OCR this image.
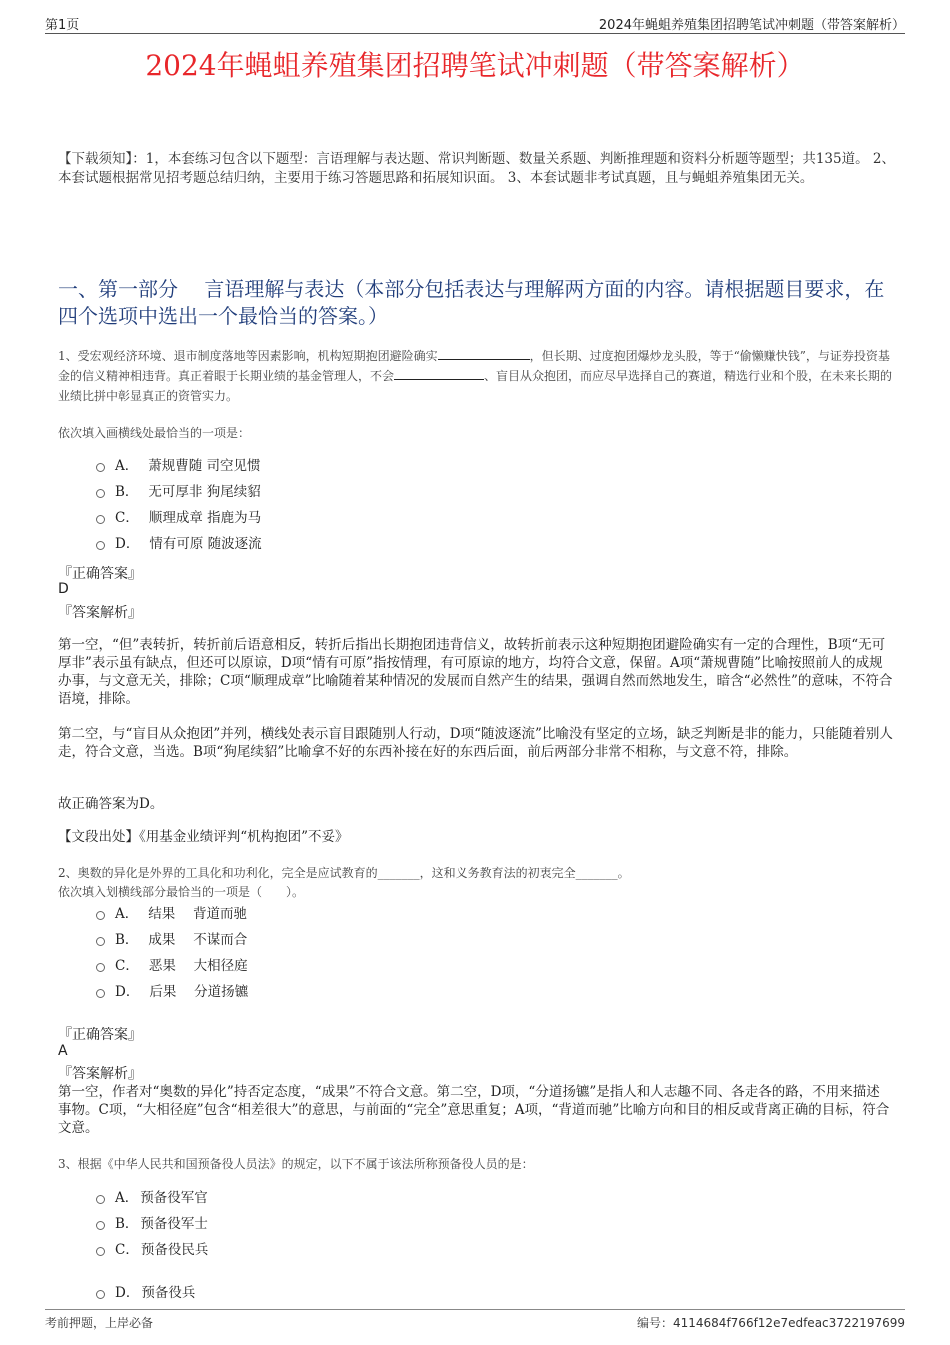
第1页	2024年蝇蛆养殖集团招聘笔试冲刺题（带答案解析）
2024年蝇蛆养殖集团招聘笔试冲刺题（带答案解析）
【下载须知】：1，本套练习包含以下题型：言语理解与表达题、常识判断题、数量关系题、判断推理题和资料分析题等题型；共135道。 2、本套试题根据常见招考题总结归纳，主要用于练习答题思路和拓展知识面。 3、本套试题非考试真题，且与蝇蛆养殖集团无关。
一、第一部分　 言语理解与表达（本部分包括表达与理解两方面的内容。请根据题目要求，在四个选项中选出一个最恰当的答案。）
1、受宏观经济环境、退市制度落地等因素影响，机构短期抱团避险确实	，但长期、过度抱团爆炒龙头股，等于“偷懒赚快钱”，与证券投资基金的信义精神相违背。真正着眼于长期业绩的基金管理人，不会	、盲目从众抱团，而应尽早选择自己的赛道，精选行业和个股，在未来长期的业绩比拼中彰显真正的资管实力。
依次填入画横线处最恰当的一项是：
A． 萧规曹随 司空见惯
B． 无可厚非 狗尾续貂
C． 顺理成章 指鹿为马
D． 情有可原 随波逐流
『正确答案』
D
『答案解析』
第一空，“但”表转折，转折前后语意相反，转折后指出长期抱团违背信义，故转折前表示这种短期抱团避险确实有一定的合理性，B项“无可厚非”表示虽有缺点，但还可以原谅，D项“情有可原”指按情理，有可原谅的地方，均符合文意，保留。A项“萧规曹随”比喻按照前人的成规办事，与文意无关，排除；C项“顺理成章”比喻随着某种情况的发展而自然产生的结果，强调自然而然地发生，暗含“必然性”的意味，不符合语境，排除。
第二空，与“盲目从众抱团”并列，横线处表示盲目跟随别人行动，D项“随波逐流”比喻没有坚定的立场，缺乏判断是非的能力，只能随着别人走，符合文意，当选。B项“狗尾续貂”比喻拿不好的东西补接在好的东西后面，前后两部分非常不相称，与文意不符，排除。
故正确答案为D。
【文段出处】《用基金业绩评判“机构抱团”不妥》
2、奥数的异化是外界的工具化和功利化，完全是应试教育的_______，这和义务教育法的初衷完全_______。
依次填入划横线部分最恰当的一项是（　　）。
A． 结果　 背道而驰
B． 成果　 不谋而合
C． 恶果　 大相径庭
D． 后果　 分道扬镳
『正确答案』
A
『答案解析』
第一空，作者对“奥数的异化”持否定态度，“成果”不符合文意。第二空，D项，“分道扬镳”是指人和人志趣不同、各走各的路，不用来描述事物。C项，“大相径庭”包含“相差很大”的意思，与前面的“完全”意思重复；A项，“背道而驰”比喻方向和目的相反或背离正确的目标，符合文意。
3、根据《中华人民共和国预备役人员法》的规定，以下不属于该法所称预备役人员的是：
A． 预备役军官
B． 预备役军士
C． 预备役民兵
D． 预备役兵
考前押题，上岸必备	编号：4114684f766f12e7edfeac3722197699
